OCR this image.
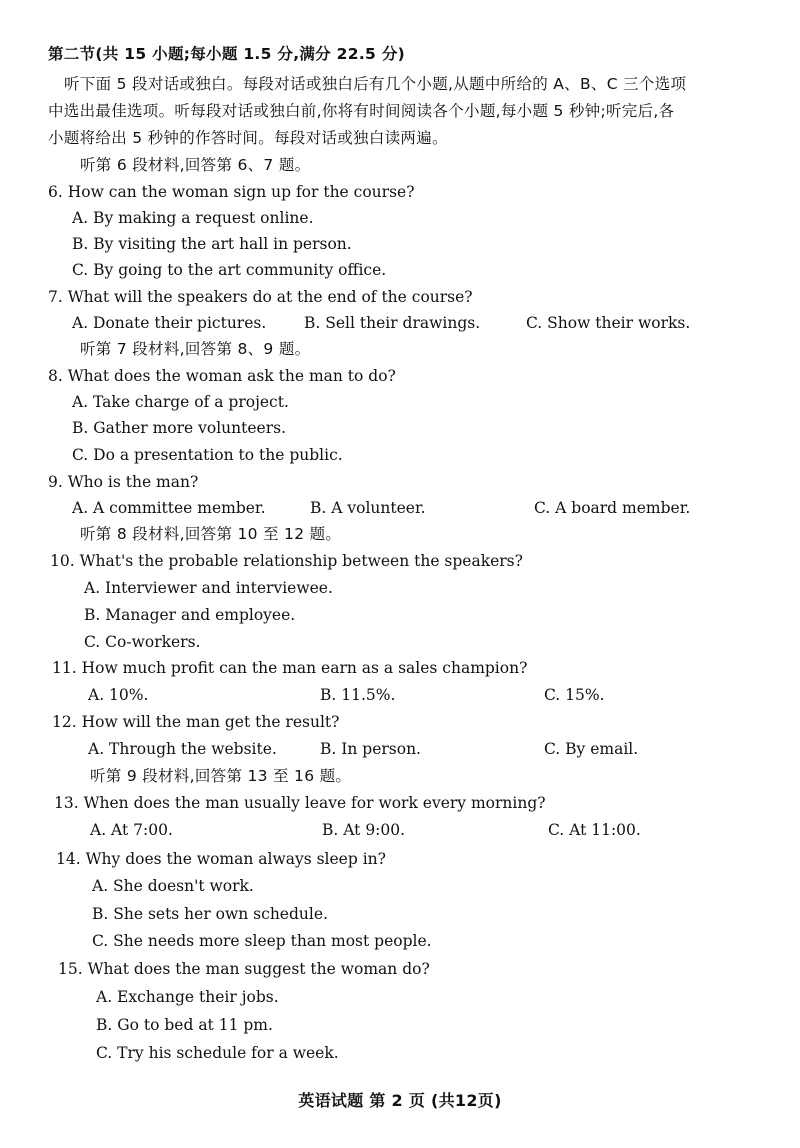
第二节(共 15 小题;每小题 1.5 分,满分 22.5 分)
听下面 5 段对话或独白。每段对话或独白后有几个小题,从题中所给的 A、B、C 三个选项
中选出最佳选项。听每段对话或独白前,你将有时间阅读各个小题,每小题 5 秒钟;听完后,各
小题将给出 5 秒钟的作答时间。每段对话或独白读两遍。
听第 6 段材料,回答第 6、7 题。
6. How can the woman sign up for the course?
A. By making a request online.
B. By visiting the art hall in person.
C. By going to the art community office.
7. What will the speakers do at the end of the course?
A. Donate their pictures. B. Sell their drawings.	C. Show their works.
听第 7 段材料,回答第 8、9 题。
8. What does the woman ask the man to do?
A. Take charge of a project.
B. Gather more volunteers.
C. Do a presentation to the public.
9. Who is the man?
A. A committee member.	B. A volunteer.	C. A board member.
听第 8 段材料,回答第 10 至 12 题。
10. What's the probable relationship between the speakers?
A. Interviewer and interviewee.
B. Manager and employee.
C. Co-workers.
11. How much profit can the man earn as a sales champion?
A. 10%.	B. 11.5%.	C. 15%.
12. How will the man get the result?
A. Through the website.	B. In person.	C. By email.
听第 9 段材料,回答第 13 至 16 题。
13. When does the man usually leave for work every morning?
A. At 7:00.	B. At 9:00.	C. At 11:00.
14. Why does the woman always sleep in?
A. She doesn't work.
B. She sets her own schedule.
C. She needs more sleep than most people.
15. What does the man suggest the woman do?
A. Exchange their jobs.
B. Go to bed at 11 pm.
C. Try his schedule for a week.
英语试题 第 2 页 (共12页)
